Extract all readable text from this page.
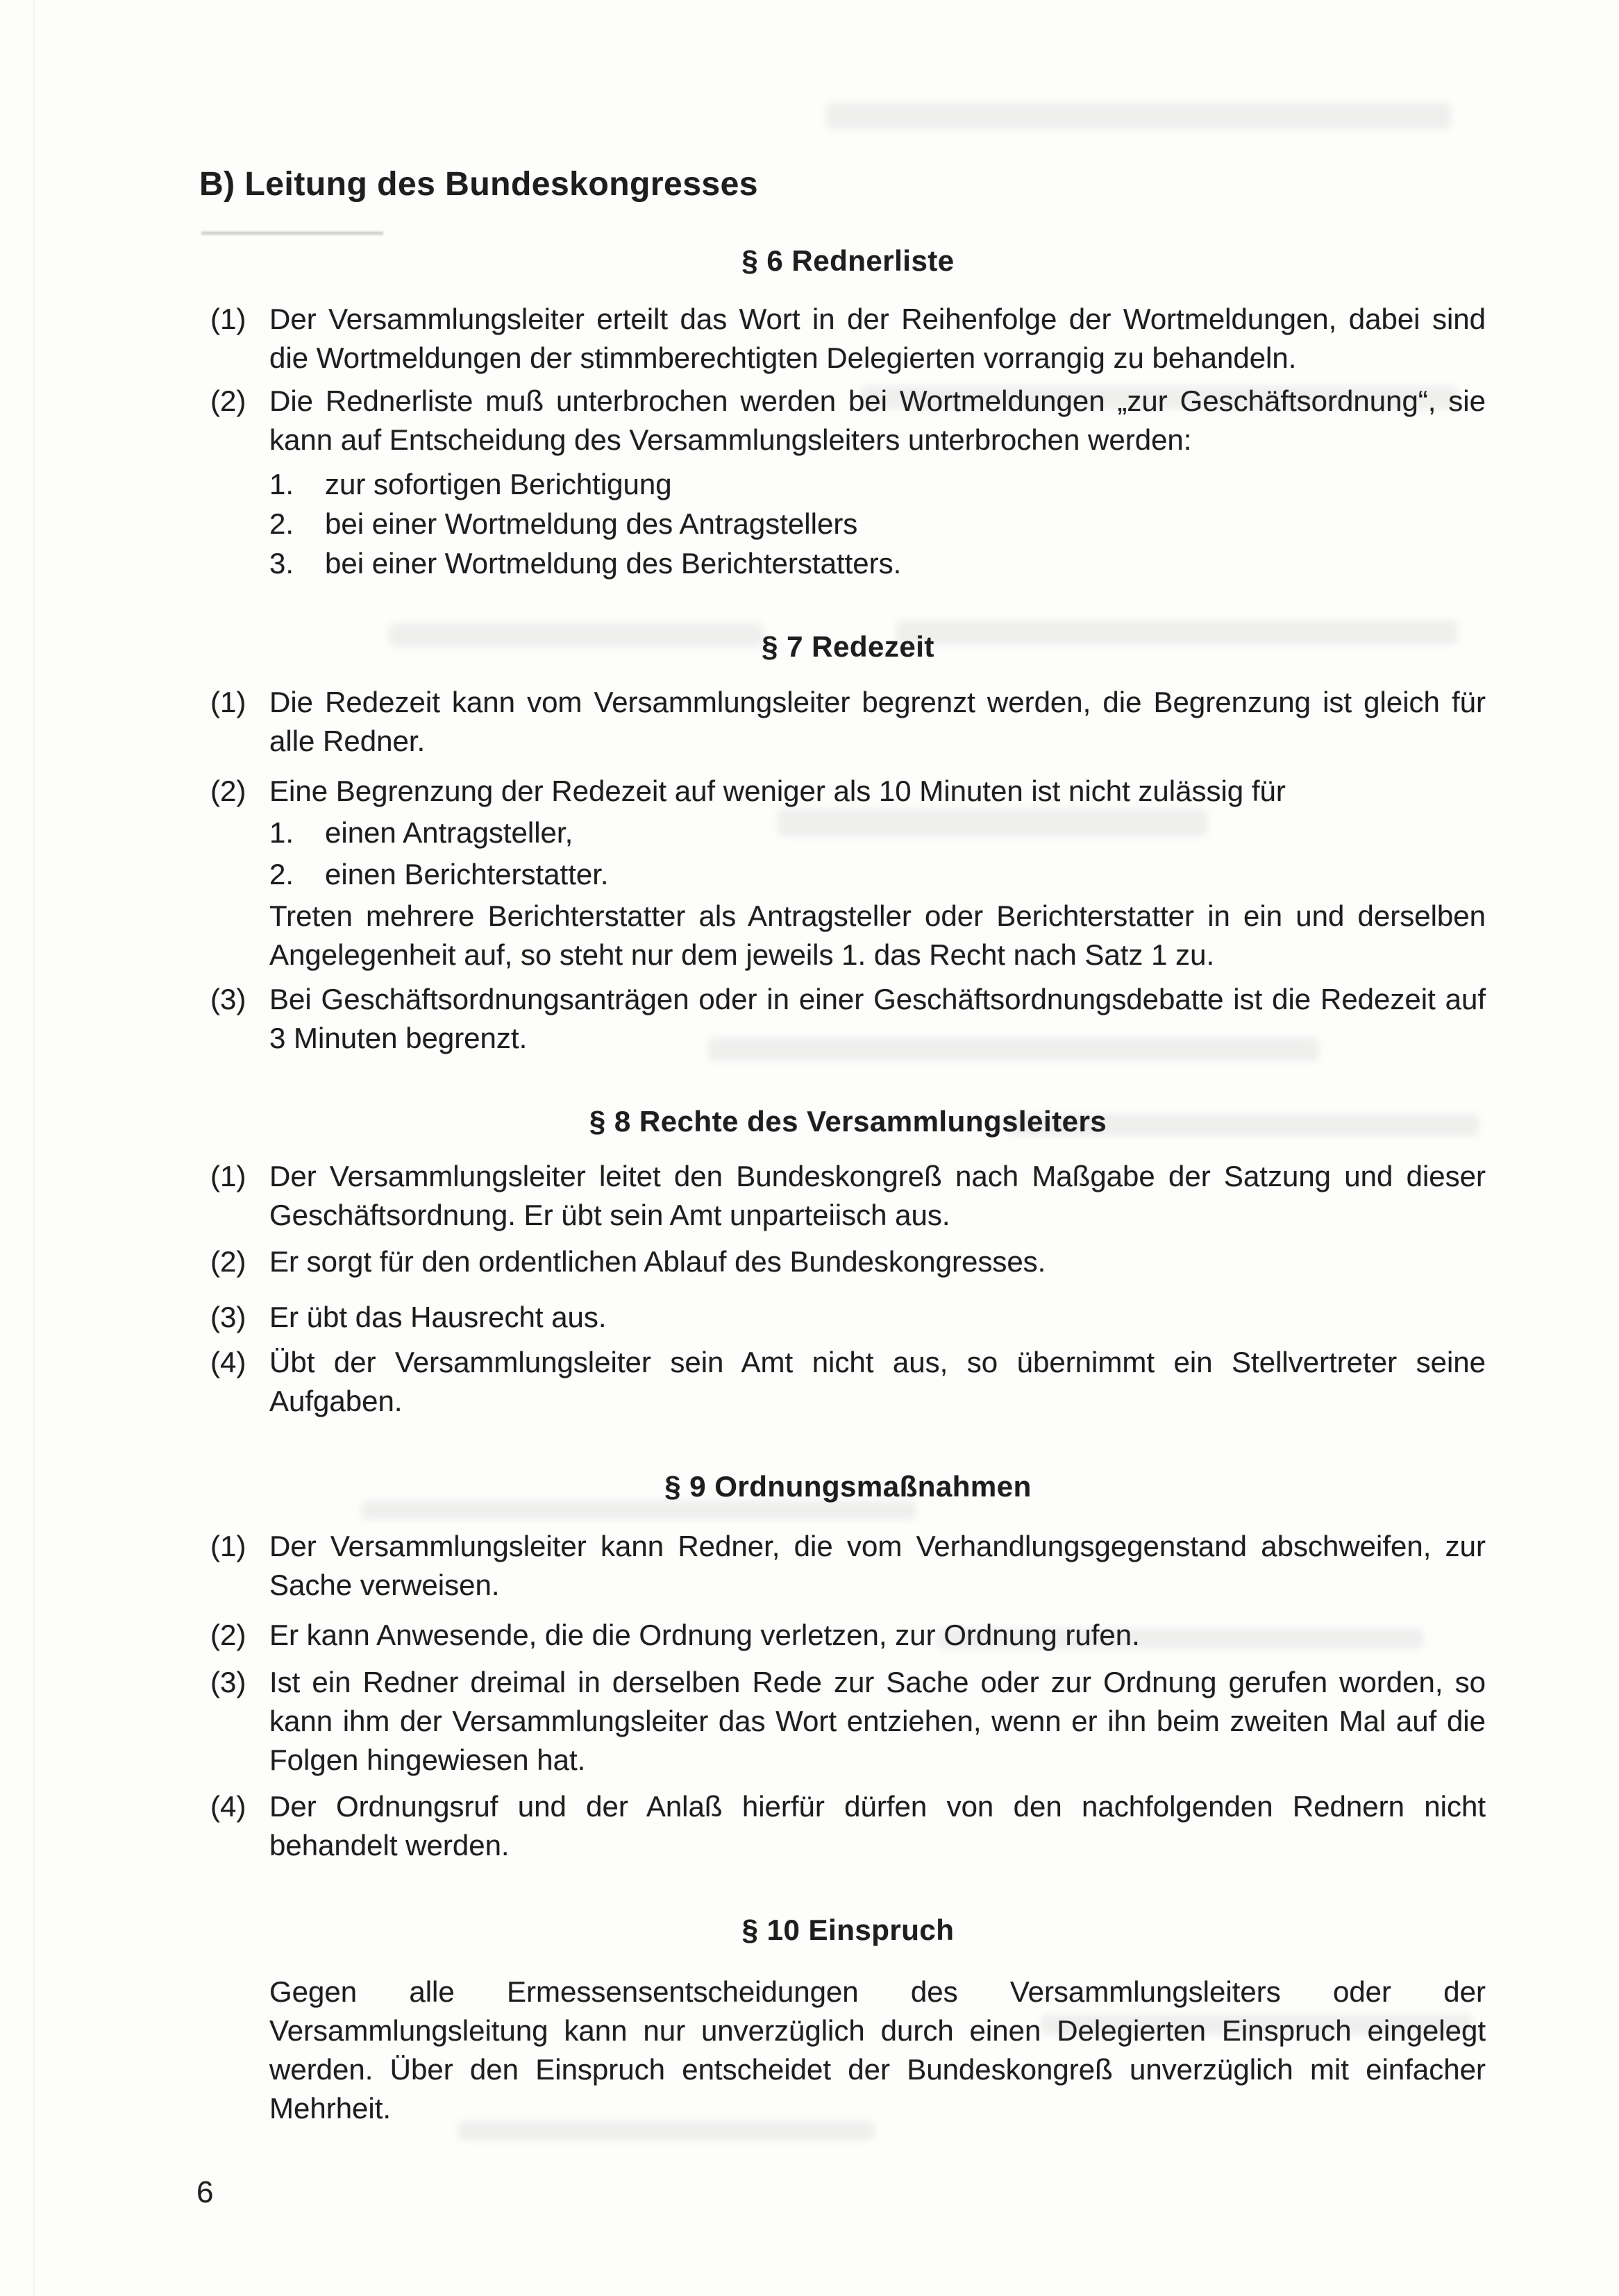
B) Leitung des Bundeskongresses
§ 6 Rednerliste
(1) Der Versammlungsleiter erteilt das Wort in der Reihenfolge der Wortmeldungen, dabei sind die Wortmeldungen der stimmberechtigten Delegierten vorrangig zu behandeln.
(2) Die Rednerliste muß unterbrochen werden bei Wortmeldungen „zur Geschäftsordnung“, sie kann auf Entscheidung des Versammlungsleiters unterbrochen werden:
1. zur sofortigen Berichtigung
2. bei einer Wortmeldung des Antragstellers
3. bei einer Wortmeldung des Berichterstatters.
§ 7 Redezeit
(1) Die Redezeit kann vom Versammlungsleiter begrenzt werden, die Begrenzung ist gleich für alle Redner.
(2) Eine Begrenzung der Redezeit auf weniger als 10 Minuten ist nicht zulässig für
1. einen Antragsteller,
2. einen Berichterstatter.
Treten mehrere Berichterstatter als Antragsteller oder Berichterstatter in ein und derselben Angelegenheit auf, so steht nur dem jeweils 1. das Recht nach Satz 1 zu.
(3) Bei Geschäftsordnungsanträgen oder in einer Geschäftsordnungsdebatte ist die Redezeit auf 3 Minuten begrenzt.
§ 8 Rechte des Versammlungsleiters
(1) Der Versammlungsleiter leitet den Bundeskongreß nach Maßgabe der Satzung und dieser Geschäftsordnung. Er übt sein Amt unparteiisch aus.
(2) Er sorgt für den ordentlichen Ablauf des Bundeskongresses.
(3) Er übt das Hausrecht aus.
(4) Übt der Versammlungsleiter sein Amt nicht aus, so übernimmt ein Stellvertreter seine Aufgaben.
§ 9 Ordnungsmaßnahmen
(1) Der Versammlungsleiter kann Redner, die vom Verhandlungsgegenstand abschweifen, zur Sache verweisen.
(2) Er kann Anwesende, die die Ordnung verletzen, zur Ordnung rufen.
(3) Ist ein Redner dreimal in derselben Rede zur Sache oder zur Ordnung gerufen worden, so kann ihm der Versammlungsleiter das Wort entziehen, wenn er ihn beim zweiten Mal auf die Folgen hingewiesen hat.
(4) Der Ordnungsruf und der Anlaß hierfür dürfen von den nachfolgenden Rednern nicht behandelt werden.
§ 10 Einspruch
Gegen alle Ermessensentscheidungen des Versammlungsleiters oder der Versammlungsleitung kann nur unverzüglich durch einen Delegierten Einspruch eingelegt werden. Über den Einspruch entscheidet der Bundeskongreß unverzüglich mit einfacher Mehrheit.
6
